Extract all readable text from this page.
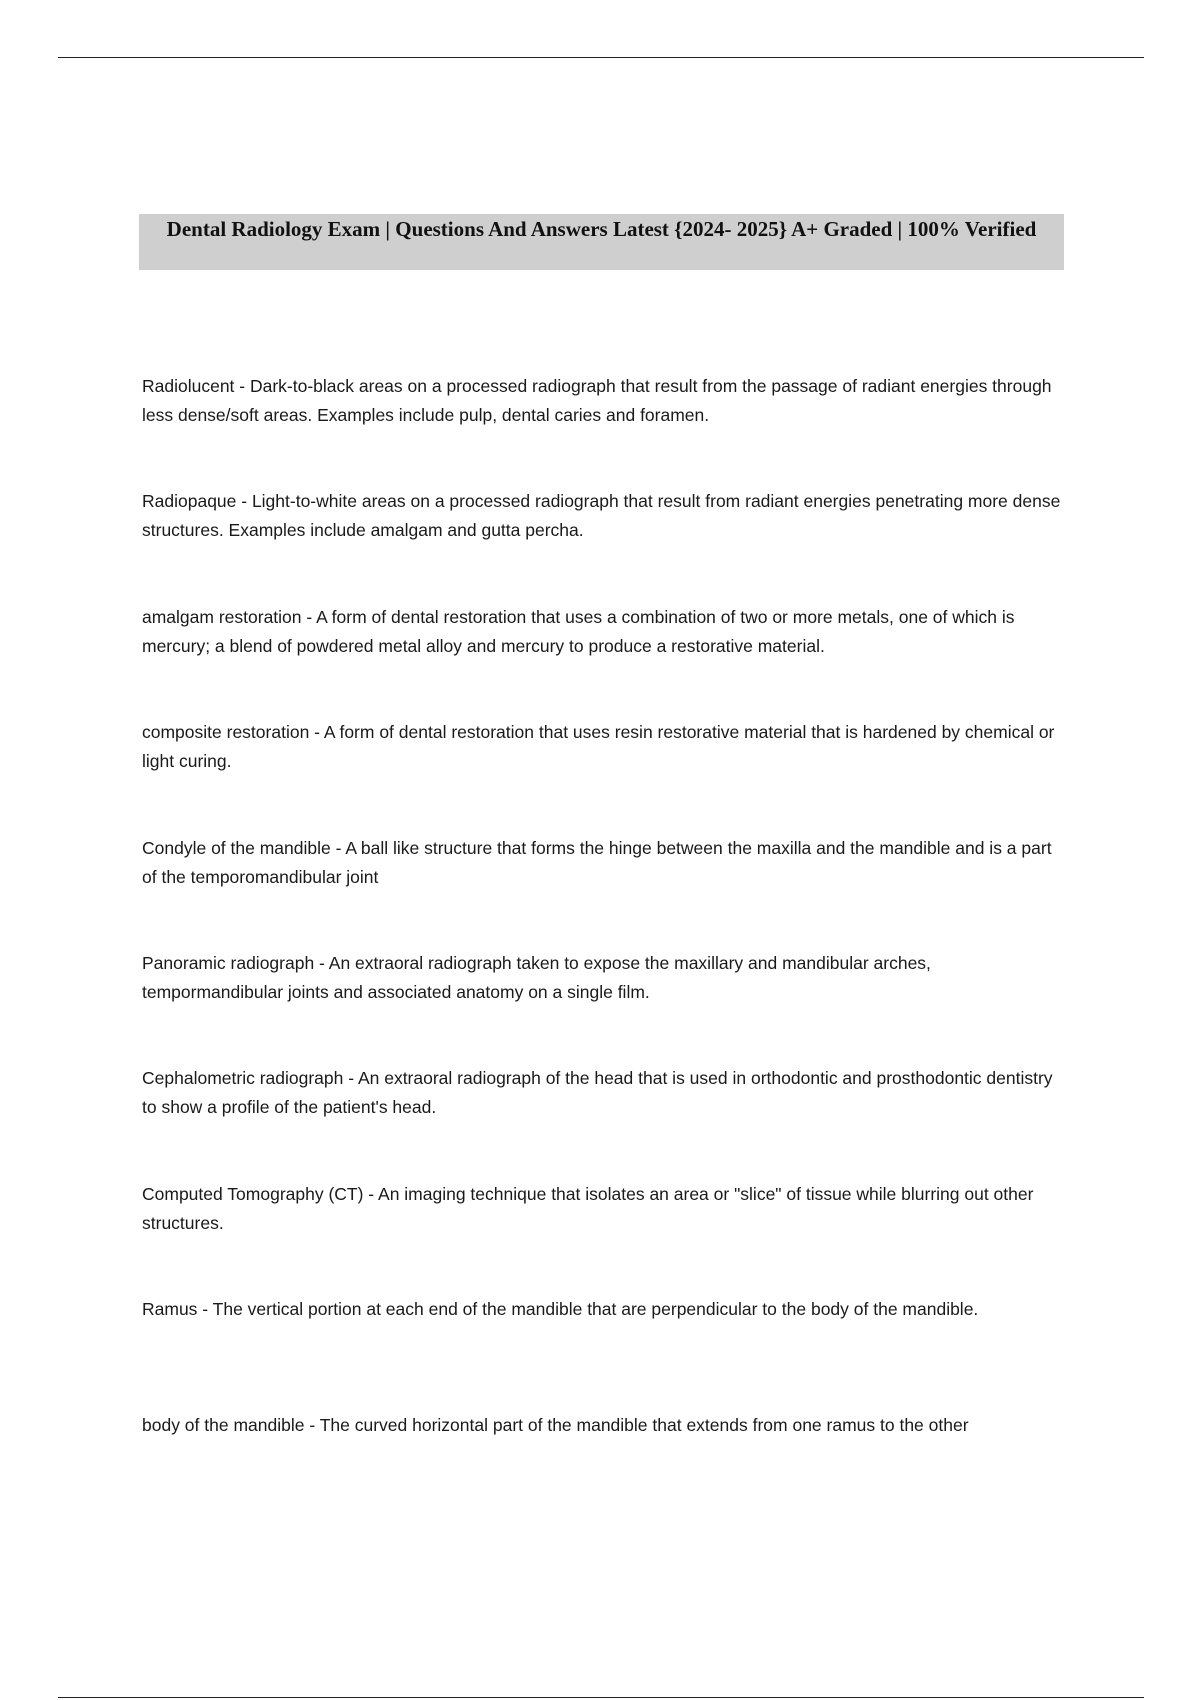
Dental Radiology Exam | Questions And Answers Latest {2024- 2025} A+ Graded | 100% Verified

Radiolucent - Dark-to-black areas on a processed radiograph that result from the passage of radiant energies through less dense/soft areas. Examples include pulp, dental caries and foramen.

Radiopaque - Light-to-white areas on a processed radiograph that result from radiant energies penetrating more dense structures. Examples include amalgam and gutta percha.

amalgam restoration - A form of dental restoration that uses a combination of two or more metals, one of which is mercury; a blend of powdered metal alloy and mercury to produce a restorative material.

composite restoration - A form of dental restoration that uses resin restorative material that is hardened by chemical or light curing.

Condyle of the mandible - A ball like structure that forms the hinge between the maxilla and the mandible and is a part of the temporomandibular joint

Panoramic radiograph - An extraoral radiograph taken to expose the maxillary and mandibular arches, tempormandibular joints and associated anatomy on a single film.

Cephalometric radiograph - An extraoral radiograph of the head that is used in orthodontic and prosthodontic dentistry to show a profile of the patient's head.

Computed Tomography (CT) - An imaging technique that isolates an area or "slice" of tissue while blurring out other structures.

Ramus - The vertical portion at each end of the mandible that are perpendicular to the body of the mandible.

body of the mandible - The curved horizontal part of the mandible that extends from one ramus to the other
